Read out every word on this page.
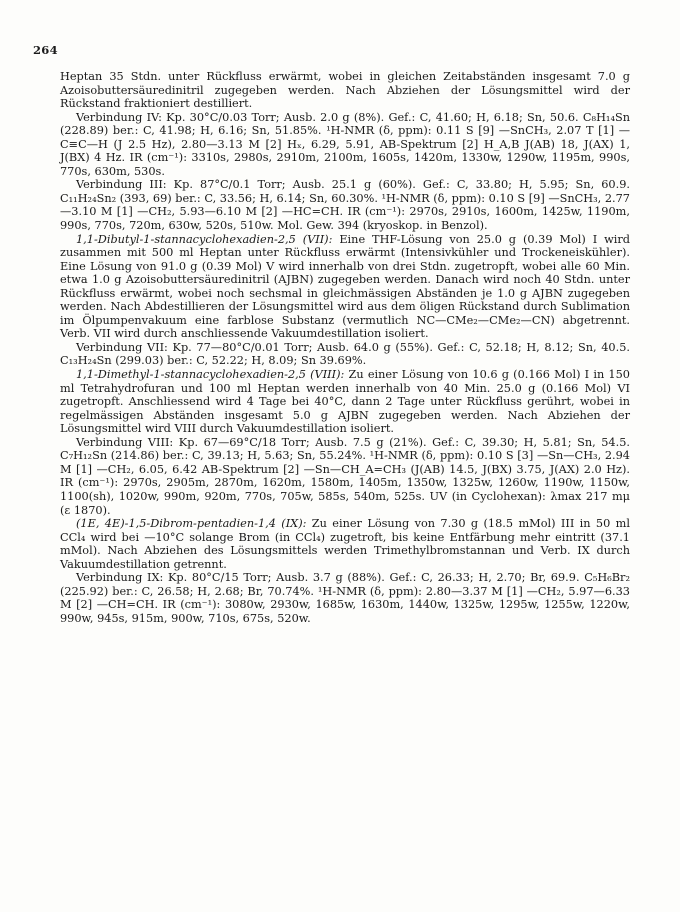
264

Heptan 35 Stdn. unter Rückfluss erwärmt, wobei in gleichen Zeitabständen insgesamt 7.0 g Azoisobuttersäuredinitril zugegeben werden. Nach Abziehen der Lösungsmittel wird der Rückstand fraktioniert destilliert.

Verbindung IV: Kp. 30°C/0.03 Torr; Ausb. 2.0 g (8%). Gef.: C, 41.60; H, 6.18; Sn, 50.6. C₈H₁₄Sn (228.89) ber.: C, 41.98; H, 6.16; Sn, 51.85%. ¹H-NMR (δ, ppm): 0.11 S [9] —SnCH₃, 2.07 T [1] —C≡C—H (J 2.5 Hz), 2.80—3.13 M [2] Hₓ, 6.29, 5.91, AB-Spektrum [2] H_A‚B J(AB) 18, J(AX) 1, J(BX) 4 Hz. IR (cm⁻¹): 3310s, 2980s, 2910m, 2100m, 1605s, 1420m, 1330w, 1290w, 1195m, 990s, 770s, 630m, 530s.

Verbindung III: Kp. 87°C/0.1 Torr; Ausb. 25.1 g (60%). Gef.: C, 33.80; H, 5.95; Sn, 60.9. C₁₁H₂₄Sn₂ (393, 69) ber.: C, 33.56; H, 6.14; Sn, 60.30%. ¹H-NMR (δ, ppm): 0.10 S [9] —SnCH₃, 2.77—3.10 M [1] —CH₂, 5.93—6.10 M [2] —HC=CH. IR (cm⁻¹): 2970s, 2910s, 1600m, 1425w, 1190m, 990s, 770s, 720m, 630w, 520s, 510w. Mol. Gew. 394 (kryoskop. in Benzol).

1,1-Dibutyl-1-stannacyclohexadien-2,5 (VII): Eine THF-Lösung von 25.0 g (0.39 Mol) I wird zusammen mit 500 ml Heptan unter Rückfluss erwärmt (Intensivkühler und Trockeneiskühler). Eine Lösung von 91.0 g (0.39 Mol) V wird innerhalb von drei Stdn. zugetropft, wobei alle 60 Min. etwa 1.0 g Azoisobuttersäuredinitril (AJBN) zugegeben werden. Danach wird noch 40 Stdn. unter Rückfluss erwärmt, wobei noch sechsmal in gleichmässigen Abständen je 1.0 g AJBN zugegeben werden. Nach Abdestillieren der Lösungsmittel wird aus dem öligen Rückstand durch Sublimation im Ölpumpenvakuum eine farblose Substanz (vermutlich NC—CMe₂—CMe₂—CN) abgetrennt. Verb. VII wird durch anschliessende Vakuumdestillation isoliert.

Verbindung VII: Kp. 77—80°C/0.01 Torr; Ausb. 64.0 g (55%). Gef.: C, 52.18; H, 8.12; Sn, 40.5. C₁₃H₂₄Sn (299.03) ber.: C, 52.22; H, 8.09; Sn 39.69%.

1,1-Dimethyl-1-stannacyclohexadien-2,5 (VIII): Zu einer Lösung von 10.6 g (0.166 Mol) I in 150 ml Tetrahydrofuran und 100 ml Heptan werden innerhalb von 40 Min. 25.0 g (0.166 Mol) VI zugetropft. Anschliessend wird 4 Tage bei 40°C, dann 2 Tage unter Rückfluss gerührt, wobei in regelmässigen Abständen insgesamt 5.0 g AJBN zugegeben werden. Nach Abziehen der Lösungsmittel wird VIII durch Vakuumdestillation isoliert.

Verbindung VIII: Kp. 67—69°C/18 Torr; Ausb. 7.5 g (21%). Gef.: C, 39.30; H, 5.81; Sn, 54.5. C₇H₁₂Sn (214.86) ber.: C, 39.13; H, 5.63; Sn, 55.24%. ¹H-NMR (δ, ppm): 0.10 S [3] —Sn—CH₃, 2.94 M [1] —CH₂, 6.05, 6.42 AB-Spektrum [2] —Sn—CH_A=CH₃ (J(AB) 14.5, J(BX) 3.75, J(AX) 2.0 Hz). IR (cm⁻¹): 2970s, 2905m, 2870m, 1620m, 1580m, 1405m, 1350w, 1325w, 1260w, 1190w, 1150w, 1100(sh), 1020w, 990m, 920m, 770s, 705w, 585s, 540m, 525s. UV (in Cyclohexan): λmax 217 mμ (ε 1870).

(1E, 4E)-1,5-Dibrom-pentadien-1,4 (IX): Zu einer Lösung von 7.30 g (18.5 mMol) III in 50 ml CCl₄ wird bei —10°C solange Brom (in CCl₄) zugetroft, bis keine Entfärbung mehr eintritt (37.1 mMol). Nach Abziehen des Lösungsmittels werden Trimethylbromstannan und Verb. IX durch Vakuumdestillation getrennt.

Verbindung IX: Kp. 80°C/15 Torr; Ausb. 3.7 g (88%). Gef.: C, 26.33; H, 2.70; Br, 69.9. C₅H₆Br₂ (225.92) ber.: C, 26.58; H, 2.68; Br, 70.74%. ¹H-NMR (δ, ppm): 2.80—3.37 M [1] —CH₂, 5.97—6.33 M [2] —CH=CH. IR (cm⁻¹): 3080w, 2930w, 1685w, 1630m, 1440w, 1325w, 1295w, 1255w, 1220w, 990w, 945s, 915m, 900w, 710s, 675s, 520w.
